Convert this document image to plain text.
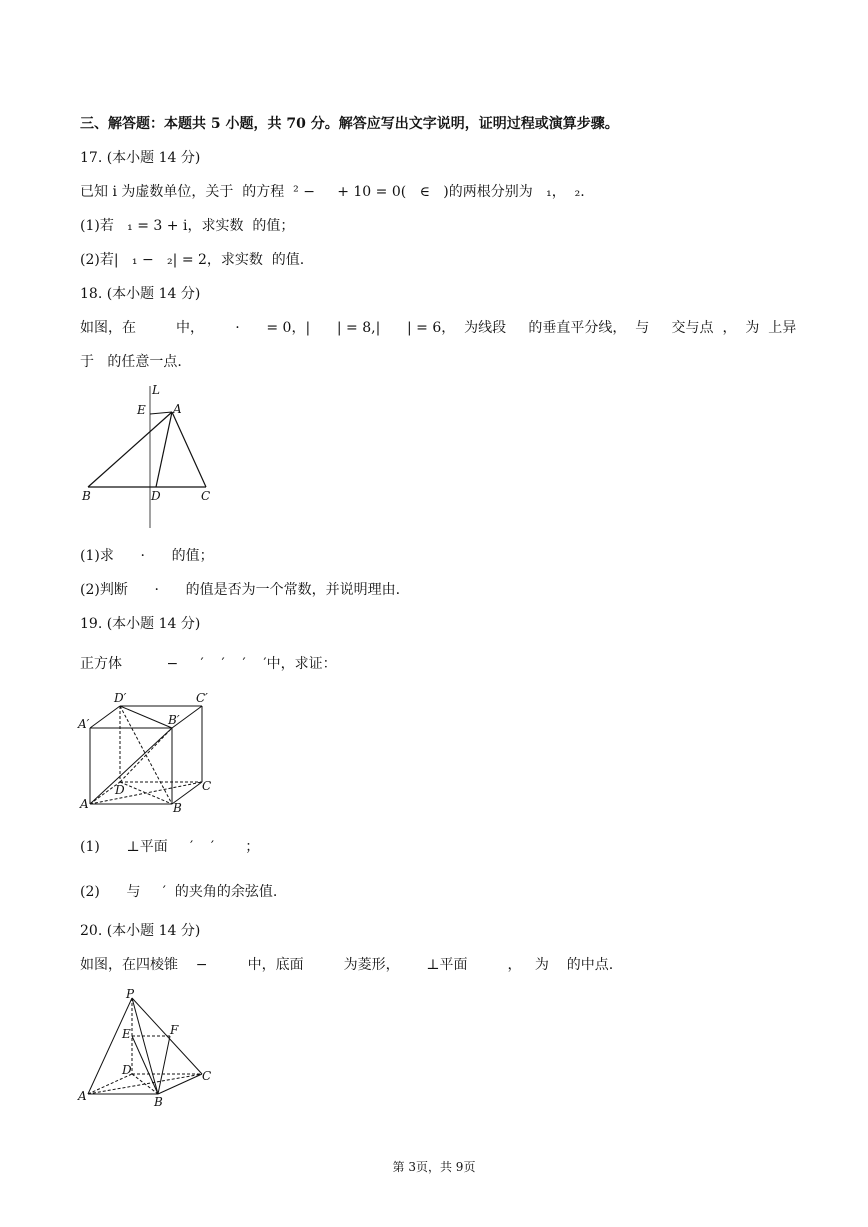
三、解答题：本题共 5 小题，共 70 分。解答应写出文字说明，证明过程或演算步骤。
17. (本小题 14 分)
已知 i 为虚数单位，关于  的方程  ² −     + 10 = 0(   ∈   )的两根分别为   ₁，  ₂.
(1)若   ₁ = 3 + i，求实数  的值；
(2)若|   ₁ −   ₂| = 2，求实数  的值.
18. (本小题 14 分)
如图，在         中，       ·      = 0，|      | = 8,|      | = 6，  为线段     的垂直平分线，  与     交与点  ，  为  上异
于   的任意一点.
L
E A
B	D	C
(1)求      ·      的值；
(2)判断      ·      的值是否为一个常数，并说明理由.
19. (本小题 14 分)
正方体          −     ′    ′    ′    ′中，求证：
D′	C′
A′	B′
D	C
A	B
(1)      ⊥平面     ′    ′       ；
(2)      与     ′  的夹角的余弦值.
20. (本小题 14 分)
如图，在四棱锥    −         中，底面         为菱形，      ⊥平面         ，   为    的中点.
P
E	F
D	C
A	B
第 3页，共 9页
